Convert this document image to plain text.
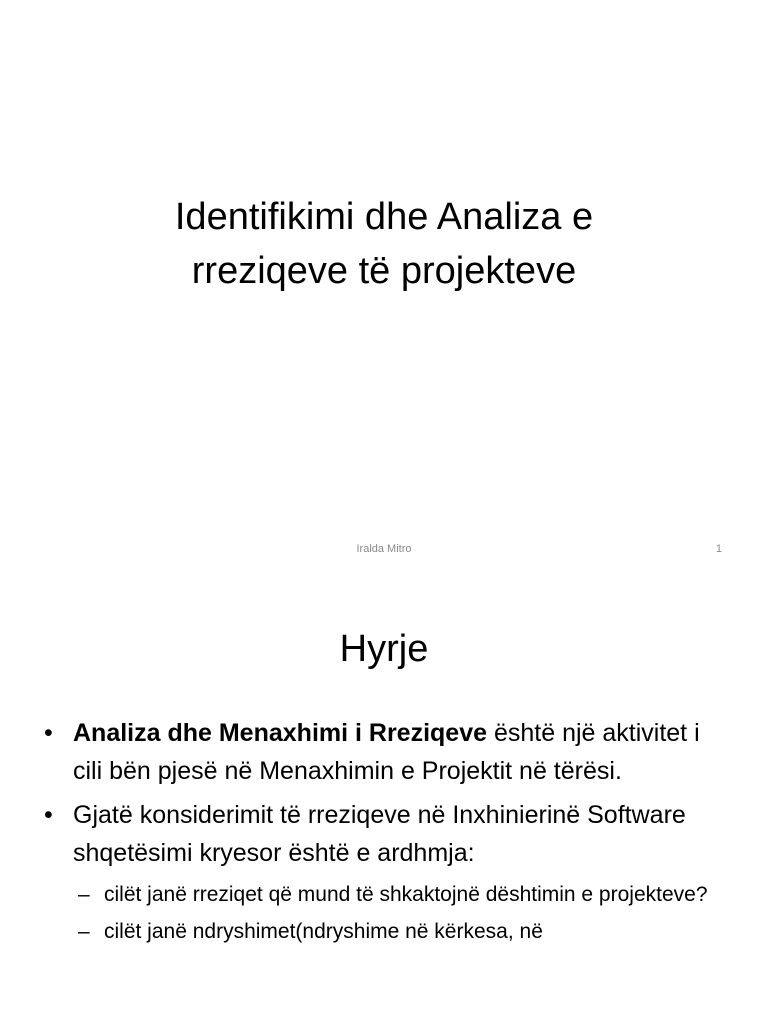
Identifikimi dhe Analiza e
rreziqeve të projekteve
Iralda Mitro	1
Hyrje
• Analiza dhe Menaxhimi i Rreziqeve është një aktivitet i cili bën pjesë në Menaxhimin e Projektit në tërësi.
• Gjatë konsiderimit të rreziqeve në Inxhinierinë Software shqetësimi kryesor është e ardhmja:
– cilët janë rreziqet që mund të shkaktojnë dështimin e projekteve?
– cilët janë ndryshimet(ndryshime në kërkesa, në
